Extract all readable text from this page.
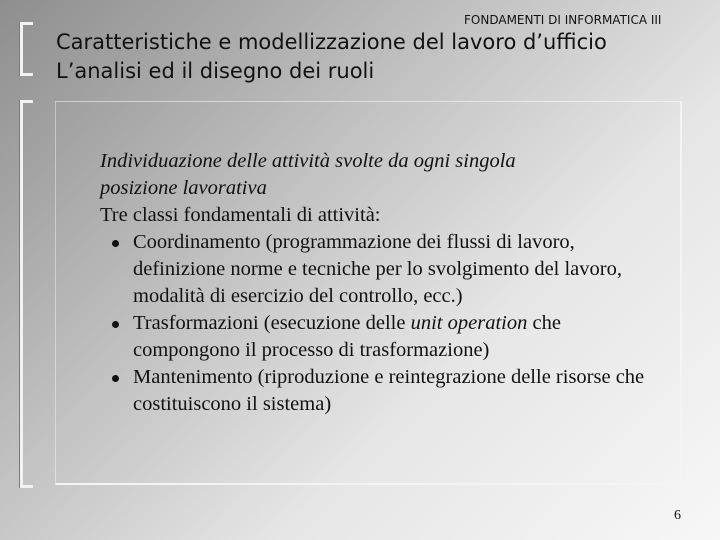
FONDAMENTI DI INFORMATICA III
Caratteristiche e modellizzazione del lavoro d’ufficio
L’analisi ed il disegno dei ruoli

Individuazione delle attività svolte da ogni singola

posizione lavorativa

Tre classi fondamentali di attività:

Coordinamento (programmazione dei flussi di lavoro, definizione norme e tecniche per lo svolgimento del lavoro, modalità di esercizio del controllo, ecc.)
Trasformazioni (esecuzione delle unit operation che compongono il processo di trasformazione)
Mantenimento (riproduzione e reintegrazione delle risorse che costituiscono il sistema)
6
